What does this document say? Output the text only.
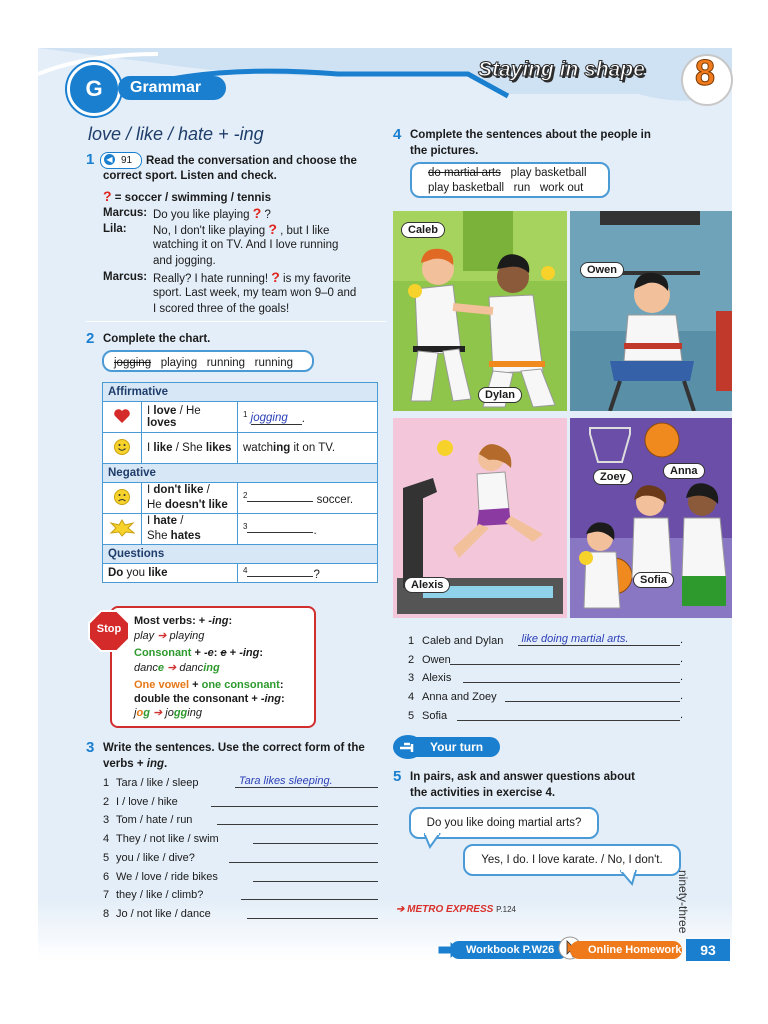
G	Grammar
Staying in shape	8
love / like / hate + -ing
1	◀ 91 Read the conversation and choose the
correct sport. Listen and check.
? = soccer / swimming / tennis
Marcus: Do you like playing ? ?
Lila: No, I don't like playing ? , but I like
watching it on TV. And I love running
and jogging.
Marcus: Really? I hate running! ? is my favorite
sport. Last week, my team won 9–0 and
I scored three of the goals!
2 Complete the chart.
jogging playing   running   running
Affirmative		
	I love / He loves	$^1$ jogging .
	I like / She likes	watching it on TV.
Negative		
	I don't like /
He doesn't like	$^2$ soccer.
	I hate /
She hates	$^3$ .
Questions		
Do you like		$^4$ ?
Stop
Most verbs: + -ing:
play ➔ playing
Consonant + -e: e + -ing:
dance ➔ dancing
One vowel + one consonant:
double the consonant + -ing:
jog ➔ jogging
3 Write the sentences. Use the correct form of the
verbs + ing.
1 Tara / like / sleep	Tara likes sleeping.
2 I / love / hike
3 Tom / hate / run
4 They / not like / swim
5 you / like / dive?
6 We / love / ride bikes
7 they / like / climb?
8 Jo / not like / dance
4 Complete the sentences about the people in
the pictures.
do martial arts play basketball
play basketball   run   work out
Caleb
Dylan
Owen
Alexis
Zoey	Anna
Sofia
1 Caleb and Dylan	like doing martial arts.	.
2 Owen	.
3 Alexis	.
4 Anna and Zoey	.
5 Sofia	.
Your turn
5 In pairs, ask and answer questions about
the activities in exercise 4.
Do you like doing martial arts?
Yes, I do. I love karate. / No, I don't.
➔ METRO EXPRESS P.124	ninety-three
Workbook P.W26	Online Homework	93
